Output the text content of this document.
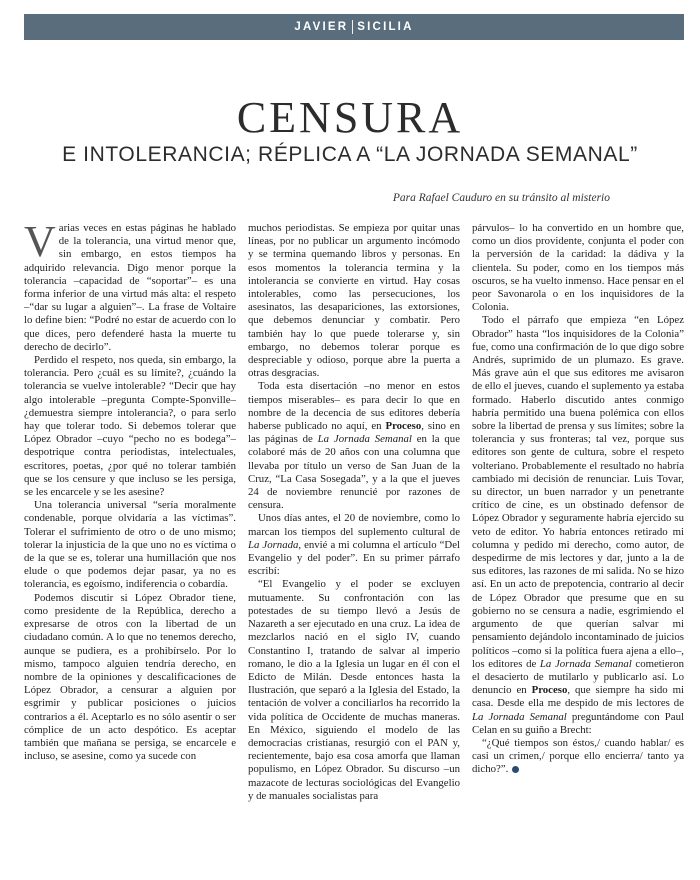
JAVIER SICILIA
CENSURA
E INTOLERANCIA; RÉPLICA A “LA JORNADA SEMANAL”

Para Rafael Cauduro en su tránsito al misterio

Varias veces en estas páginas he hablado de la tolerancia, una virtud menor que, sin embargo, en estos tiempos ha adquirido relevancia. Digo menor porque la tolerancia –capacidad de “soportar”– es una forma inferior de una virtud más alta: el respeto –“dar su lugar a alguien”–. La frase de Voltaire lo define bien: “Podré no estar de acuerdo con lo que dices, pero defenderé hasta la muerte tu derecho de decirlo”.

Perdido el respeto, nos queda, sin embargo, la tolerancia. Pero ¿cuál es su límite?, ¿cuándo la tolerancia se vuelve intolerable? “Decir que hay algo intolerable –pregunta Compte-Sponville– ¿demuestra siempre intolerancia?, o para serlo hay que tolerar todo. Si debemos tolerar que López Obrador –cuyo “pecho no es bodega”– despotrique contra periodistas, intelectuales, escritores, poetas, ¿por qué no tolerar también que se los censure y que incluso se les persiga, se les encarcele y se les asesine?

Una tolerancia universal “sería moralmente condenable, porque olvidaría a las víctimas”. Tolerar el sufrimiento de otro o de uno mismo; tolerar la injusticia de la que uno no es víctima o de la que se es, tolerar una humillación que nos elude o que podemos dejar pasar, ya no es tolerancia, es egoísmo, indiferencia o cobardía.

Podemos discutir si López Obrador tiene, como presidente de la República, derecho a expresarse de otros con la libertad de un ciudadano común. A lo que no tenemos derecho, aunque se pudiera, es a prohibírselo. Por lo mismo, tampoco alguien tendría derecho, en nombre de la opiniones y descalificaciones de López Obrador, a censurar a alguien por esgrimir y publicar posiciones o juicios contrarios a él. Aceptarlo es no sólo asentir o ser cómplice de un acto despótico. Es aceptar también que mañana se persiga, se encarcele e incluso, se asesine, como ya sucede con

muchos periodistas. Se empieza por quitar unas líneas, por no publicar un argumento incómodo y se termina quemando libros y personas. En esos momentos la tolerancia termina y la intolerancia se convierte en virtud. Hay cosas intolerables, como las persecuciones, los asesinatos, las desapariciones, las extorsiones, que debemos denunciar y combatir. Pero también hay lo que puede tolerarse y, sin embargo, no debemos tolerar porque es despreciable y odioso, porque abre la puerta a otras desgracias.

Toda esta disertación –no menor en estos tiempos miserables– es para decir lo que en nombre de la decencia de sus editores debería haberse publicado no aquí, en Proceso, sino en las páginas de La Jornada Semanal en la que colaboré más de 20 años con una columna que llevaba por título un verso de San Juan de la Cruz, “La Casa Sosegada”, y a la que el jueves 24 de noviembre renuncié por razones de censura.

Unos días antes, el 20 de noviembre, como lo marcan los tiempos del suplemento cultural de La Jornada, envié a mi columna el artículo “Del Evangelio y del poder”. En su primer párrafo escribí:

“El Evangelio y el poder se excluyen mutuamente. Su confrontación con las potestades de su tiempo llevó a Jesús de Nazareth a ser ejecutado en una cruz. La idea de mezclarlos nació en el siglo IV, cuando Constantino I, tratando de salvar al imperio romano, le dio a la Iglesia un lugar en él con el Edicto de Milán. Desde entonces hasta la Ilustración, que separó a la Iglesia del Estado, la tentación de volver a conciliarlos ha recorrido la vida política de Occidente de muchas maneras. En México, siguiendo el modelo de las democracias cristianas, resurgió con el PAN y, recientemente, bajo esa cosa amorfa que llaman populismo, en López Obrador. Su discurso –un mazacote de lecturas sociológicas del Evangelio y de manuales socialistas para

párvulos– lo ha convertido en un hombre que, como un dios providente, conjunta el poder con la perversión de la caridad: la dádiva y la clientela. Su poder, como en los tiempos más oscuros, se ha vuelto inmenso. Hace pensar en el peor Savonarola o en los inquisidores de la Colonia.

Todo el párrafo que empieza “en López Obrador” hasta “los inquisidores de la Colonia” fue, como una confirmación de lo que digo sobre Andrés, suprimido de un plumazo. Es grave. Más grave aún el que sus editores me avisaron de ello el jueves, cuando el suplemento ya estaba formado. Haberlo discutido antes conmigo habría permitido una buena polémica con ellos sobre la libertad de prensa y sus límites; sobre la tolerancia y sus fronteras; tal vez, porque sus editores son gente de cultura, sobre el respeto volteriano. Probablemente el resultado no habría cambiado mi decisión de renunciar. Luis Tovar, su director, un buen narrador y un penetrante crítico de cine, es un obstinado defensor de López Obrador y seguramente habría ejercido su veto de editor. Yo habría entonces retirado mi columna y pedido mi derecho, como autor, de despedirme de mis lectores y dar, junto a la de sus editores, las razones de mi salida. No se hizo así. En un acto de prepotencia, contrario al decir de López Obrador que presume que en su gobierno no se censura a nadie, esgrimiendo el argumento de que querían salvar mi pensamiento dejándolo incontaminado de juicios políticos –como si la política fuera ajena a ello–, los editores de La Jornada Semanal cometieron el desacierto de mutilarlo y publicarlo así. Lo denuncio en Proceso, que siempre ha sido mi casa. Desde ella me despido de mis lectores de La Jornada Semanal preguntándome con Paul Celan en su guiño a Brecht:

“¿Qué tiempos son éstos,/ cuando hablar/ es casi un crimen,/ porque ello encierra/ tanto ya dicho?”.
